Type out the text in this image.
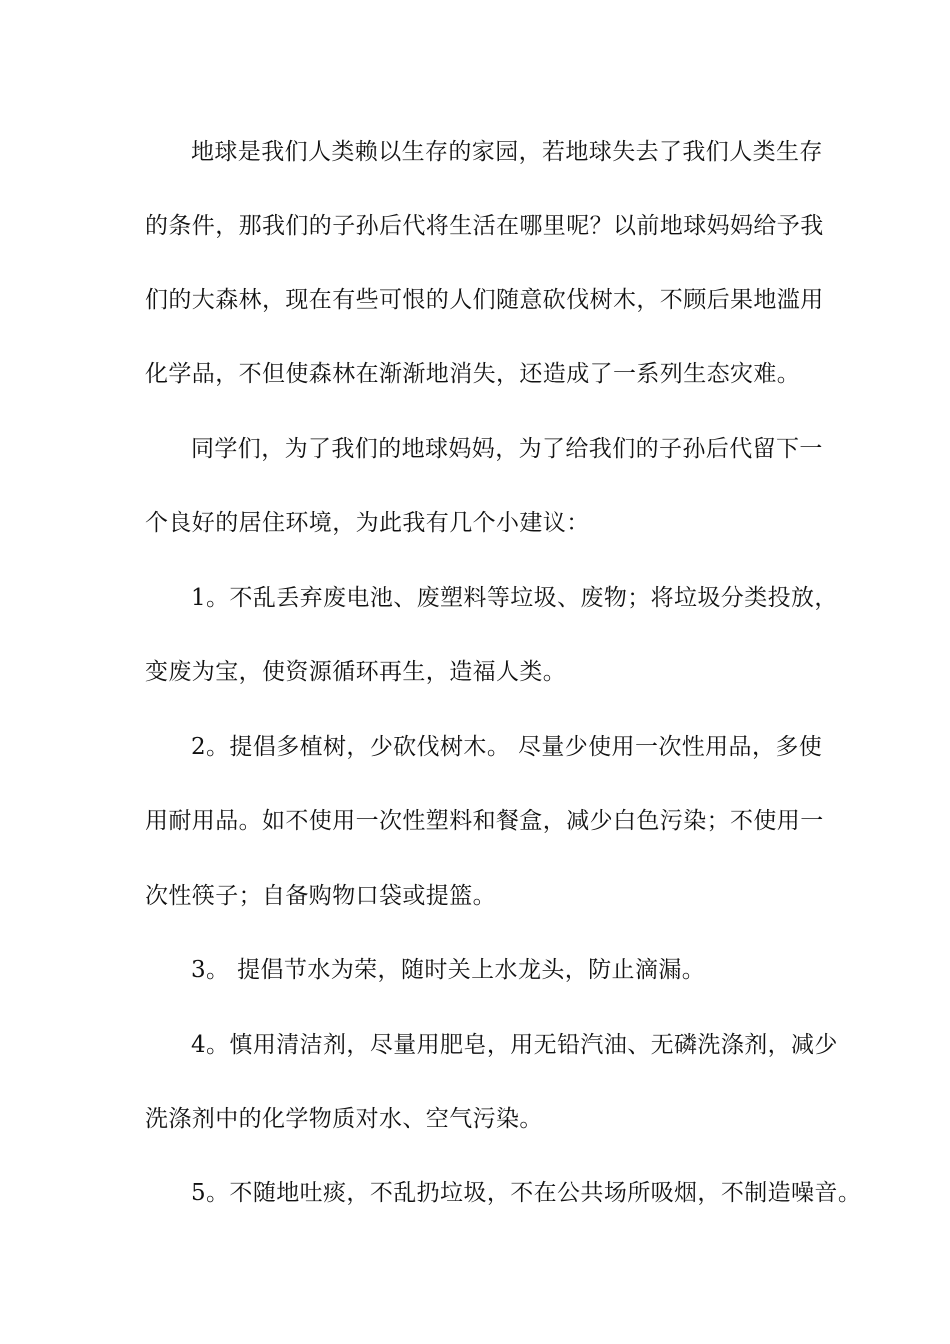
地球是我们人类赖以生存的家园，若地球失去了我们人类生存
的条件，那我们的子孙后代将生活在哪里呢？以前地球妈妈给予我
们的大森林，现在有些可恨的人们随意砍伐树木，不顾后果地滥用
化学品，不但使森林在渐渐地消失，还造成了一系列生态灾难。
同学们，为了我们的地球妈妈，为了给我们的子孙后代留下一
个良好的居住环境，为此我有几个小建议：
1。不乱丢弃废电池、废塑料等垃圾、废物；将垃圾分类投放，
变废为宝，使资源循环再生，造福人类。
2。提倡多植树，少砍伐树木。 尽量少使用一次性用品，多使
用耐用品。如不使用一次性塑料和餐盒，减少白色污染；不使用一
次性筷子；自备购物口袋或提篮。
3。 提倡节水为荣，随时关上水龙头，防止滴漏。
4。慎用清洁剂，尽量用肥皂，用无铅汽油、无磷洗涤剂，减少
洗涤剂中的化学物质对水、空气污染。
5。不随地吐痰，不乱扔垃圾，不在公共场所吸烟，不制造噪音。
